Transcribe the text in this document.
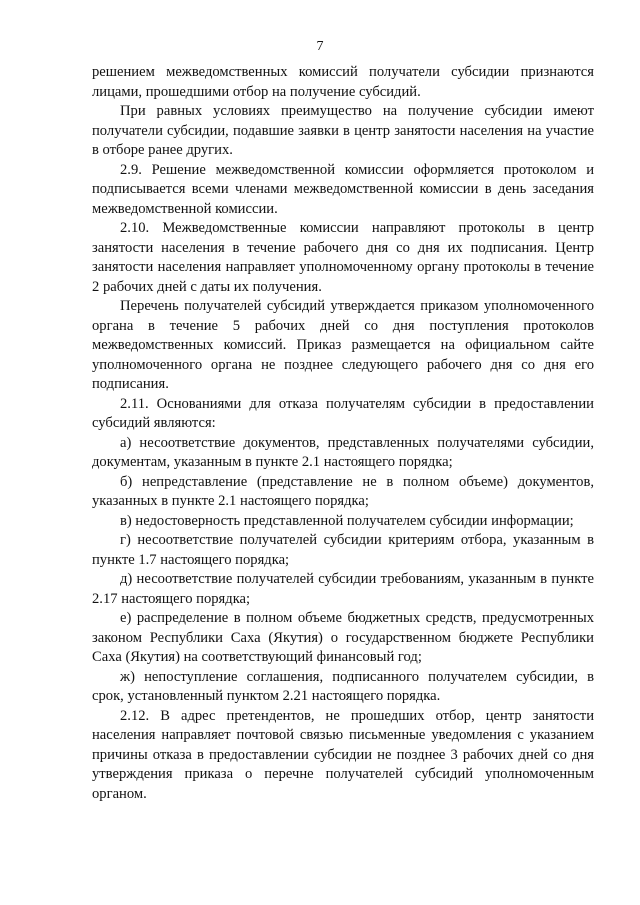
7

решением межведомственных комиссий получатели субсидии признаются лицами, прошедшими отбор на получение субсидий.

При равных условиях преимущество на получение субсидии имеют получатели субсидии, подавшие заявки в центр занятости населения на участие в отборе ранее других.

2.9. Решение межведомственной комиссии оформляется протоколом и подписывается всеми членами межведомственной комиссии в день заседания межведомственной комиссии.

2.10. Межведомственные комиссии направляют протоколы в центр занятости населения в течение рабочего дня со дня их подписания. Центр занятости населения направляет уполномоченному органу протоколы в течение 2 рабочих дней с даты их получения.

Перечень получателей субсидий утверждается приказом уполномоченного органа в течение 5 рабочих дней со дня поступления протоколов межведомственных комиссий. Приказ размещается на официальном сайте уполномоченного органа не позднее следующего рабочего дня со дня его подписания.

2.11. Основаниями для отказа получателям субсидии в предоставлении субсидий являются:

а) несоответствие документов, представленных получателями субсидии, документам, указанным в пункте 2.1 настоящего порядка;

б) непредставление (представление не в полном объеме) документов, указанных в пункте 2.1 настоящего порядка;

в) недостоверность представленной получателем субсидии информации;

г) несоответствие получателей субсидии критериям отбора, указанным в пункте 1.7 настоящего порядка;

д) несоответствие получателей субсидии требованиям, указанным в пункте 2.17 настоящего порядка;

е) распределение в полном объеме бюджетных средств, предусмотренных законом Республики Саха (Якутия) о государственном бюджете Республики Саха (Якутия) на соответствующий финансовый год;

ж) непоступление соглашения, подписанного получателем субсидии, в срок, установленный пунктом 2.21 настоящего порядка.

2.12. В адрес претендентов, не прошедших отбор, центр занятости населения направляет почтовой связью письменные уведомления с указанием причины отказа в предоставлении субсидии не позднее 3 рабочих дней со дня утверждения приказа о перечне получателей субсидий уполномоченным органом.
